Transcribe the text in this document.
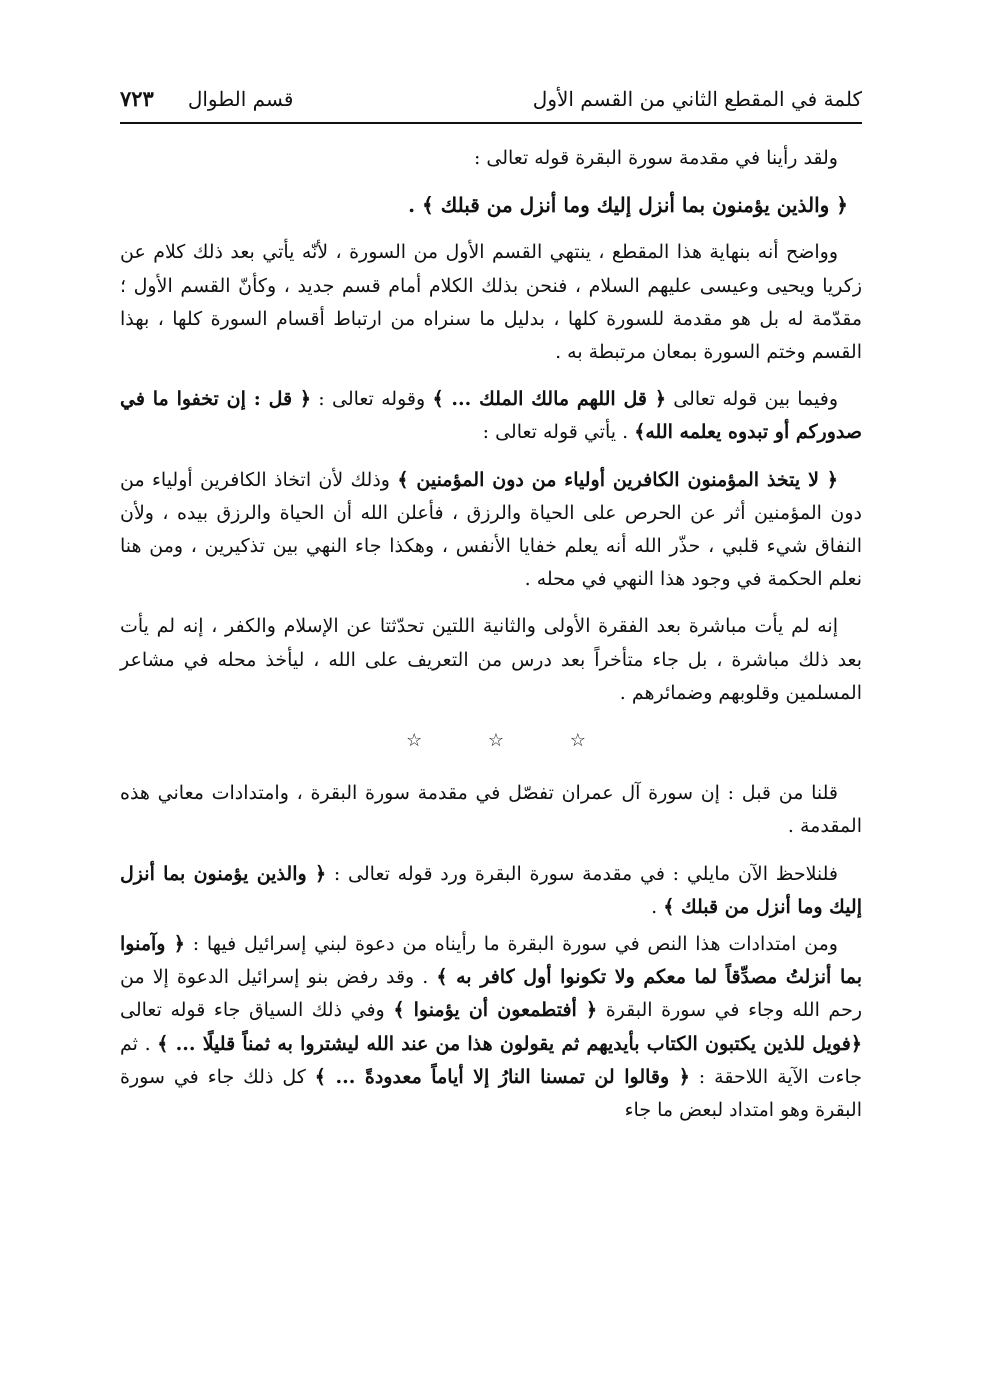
كلمة في المقطع الثاني من القسم الأول
قسم الطوال
٧٢٣

ولقد رأينا في مقدمة سورة البقرة قوله تعالى :

﴿ والذين يؤمنون بما أنزل إليك وما أنزل من قبلك ﴾ .

وواضح أنه بنهاية هذا المقطع ، ينتهي القسم الأول من السورة ، لأنّه يأتي بعد ذلك كلام عن زكريا ويحيى وعيسى عليهم السلام ، فنحن بذلك الكلام أمام قسم جديد ، وكأنّ القسم الأول ؛ مقدّمة له بل هو مقدمة للسورة كلها ، بدليل ما سنراه من ارتباط أقسام السورة كلها ، بهذا القسم وختم السورة بمعان مرتبطة به .

وفيما بين قوله تعالى ﴿ قل اللهم مالك الملك ... ﴾ وقوله تعالى : ﴿ قل : إن تخفوا ما في صدوركم أو تبدوه يعلمه الله﴾ . يأتي قوله تعالى :

﴿ لا يتخذ المؤمنون الكافرين أولياء من دون المؤمنين ﴾ وذلك لأن اتخاذ الكافرين أولياء من دون المؤمنين أثر عن الحرص على الحياة والرزق ، فأعلن الله أن الحياة والرزق بيده ، ولأن النفاق شيء قلبي ، حذّر الله أنه يعلم خفايا الأنفس ، وهكذا جاء النهي بين تذكيرين ، ومن هنا نعلم الحكمة في وجود هذا النهي في محله .

إنه لم يأت مباشرة بعد الفقرة الأولى والثانية اللتين تحدّثتا عن الإسلام والكفر ، إنه لم يأت بعد ذلك مباشرة ، بل جاء متأخراً بعد درس من التعريف على الله ، ليأخذ محله في مشاعر المسلمين وقلوبهم وضمائرهم .

☆ ☆ ☆

قلنا من قبل : إن سورة آل عمران تفصّل في مقدمة سورة البقرة ، وامتدادات معاني هذه المقدمة .

فلنلاحظ الآن مايلي : في مقدمة سورة البقرة ورد قوله تعالى : ﴿ والذين يؤمنون بما أنزل إليك وما أنزل من قبلك ﴾ .

ومن امتدادات هذا النص في سورة البقرة ما رأيناه من دعوة لبني إسرائيل فيها : ﴿ وآمنوا بما أنزلتُ مصدِّقاً لما معكم ولا تكونوا أول كافر به ﴾ . وقد رفض بنو إسرائيل الدعوة إلا من رحم الله وجاء في سورة البقرة ﴿ أفتطمعون أن يؤمنوا ﴾ وفي ذلك السياق جاء قوله تعالى ﴿فويل للذين يكتبون الكتاب بأيديهم ثم يقولون هذا من عند الله ليشتروا به ثمناً قليلًا ... ﴾ . ثم جاءت الآية اللاحقة : ﴿ وقالوا لن تمسنا النارُ إلا أياماً معدودةً ... ﴾ كل ذلك جاء في سورة البقرة وهو امتداد لبعض ما جاء
